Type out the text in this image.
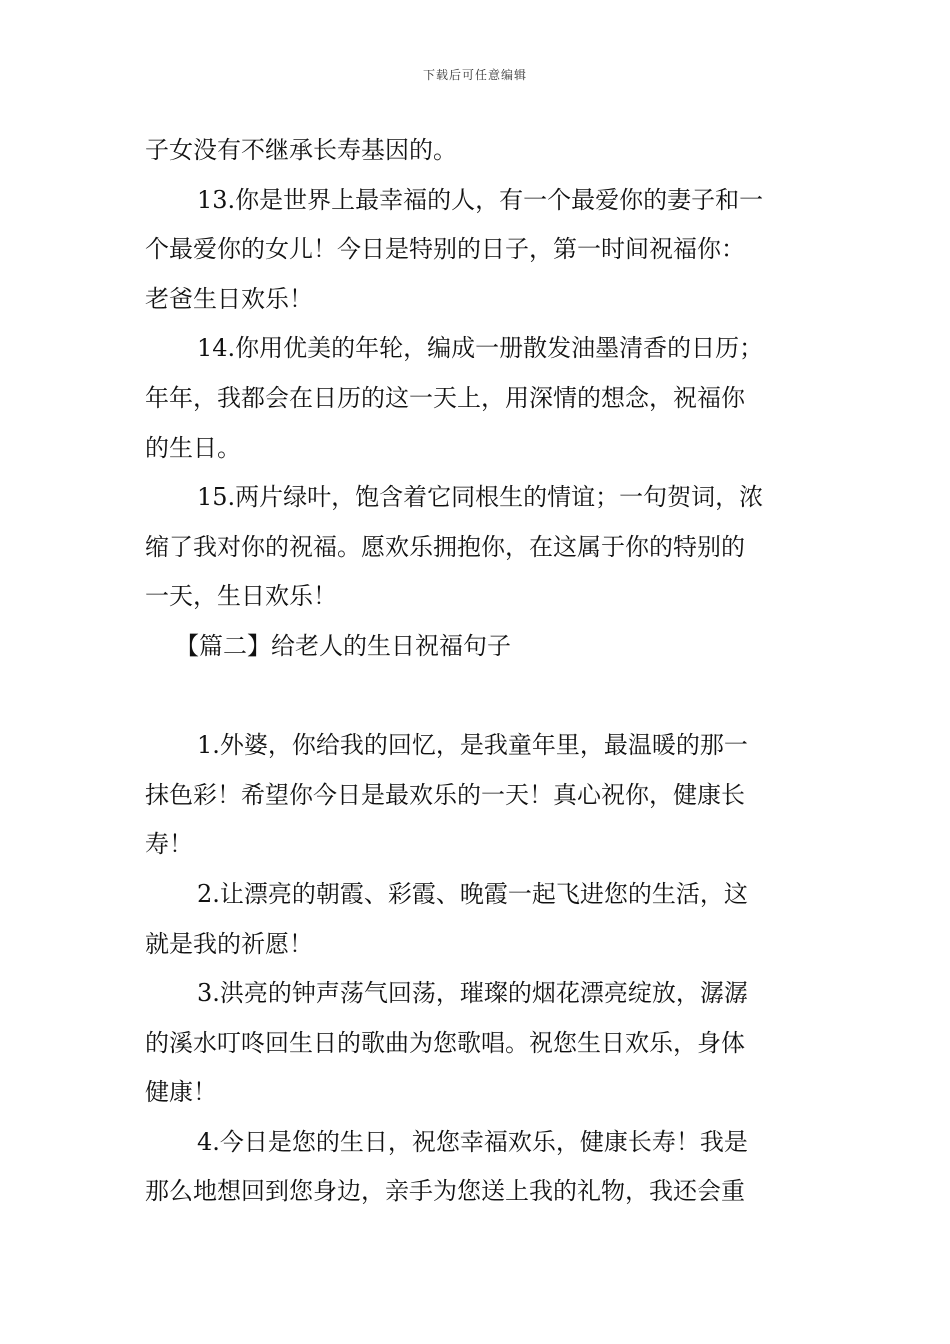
下载后可任意编辑
子女没有不继承长寿基因的。
13.你是世界上最幸福的人，有一个最爱你的妻子和一
个最爱你的女儿！今日是特别的日子，第一时间祝福你：
老爸生日欢乐！
14.你用优美的年轮，编成一册散发油墨清香的日历；
年年，我都会在日历的这一天上，用深情的想念，祝福你
的生日。
15.两片绿叶，饱含着它同根生的情谊；一句贺词，浓
缩了我对你的祝福。愿欢乐拥抱你，在这属于你的特别的
一天，生日欢乐！
【篇二】给老人的生日祝福句子
1.外婆，你给我的回忆，是我童年里，最温暖的那一
抹色彩！希望你今日是最欢乐的一天！真心祝你，健康长
寿！
2.让漂亮的朝霞、彩霞、晚霞一起飞进您的生活，这
就是我的祈愿！
3.洪亮的钟声荡气回荡，璀璨的烟花漂亮绽放，潺潺
的溪水叮咚回生日的歌曲为您歌唱。祝您生日欢乐，身体
健康！
4.今日是您的生日，祝您幸福欢乐，健康长寿！我是
那么地想回到您身边，亲手为您送上我的礼物，我还会重
